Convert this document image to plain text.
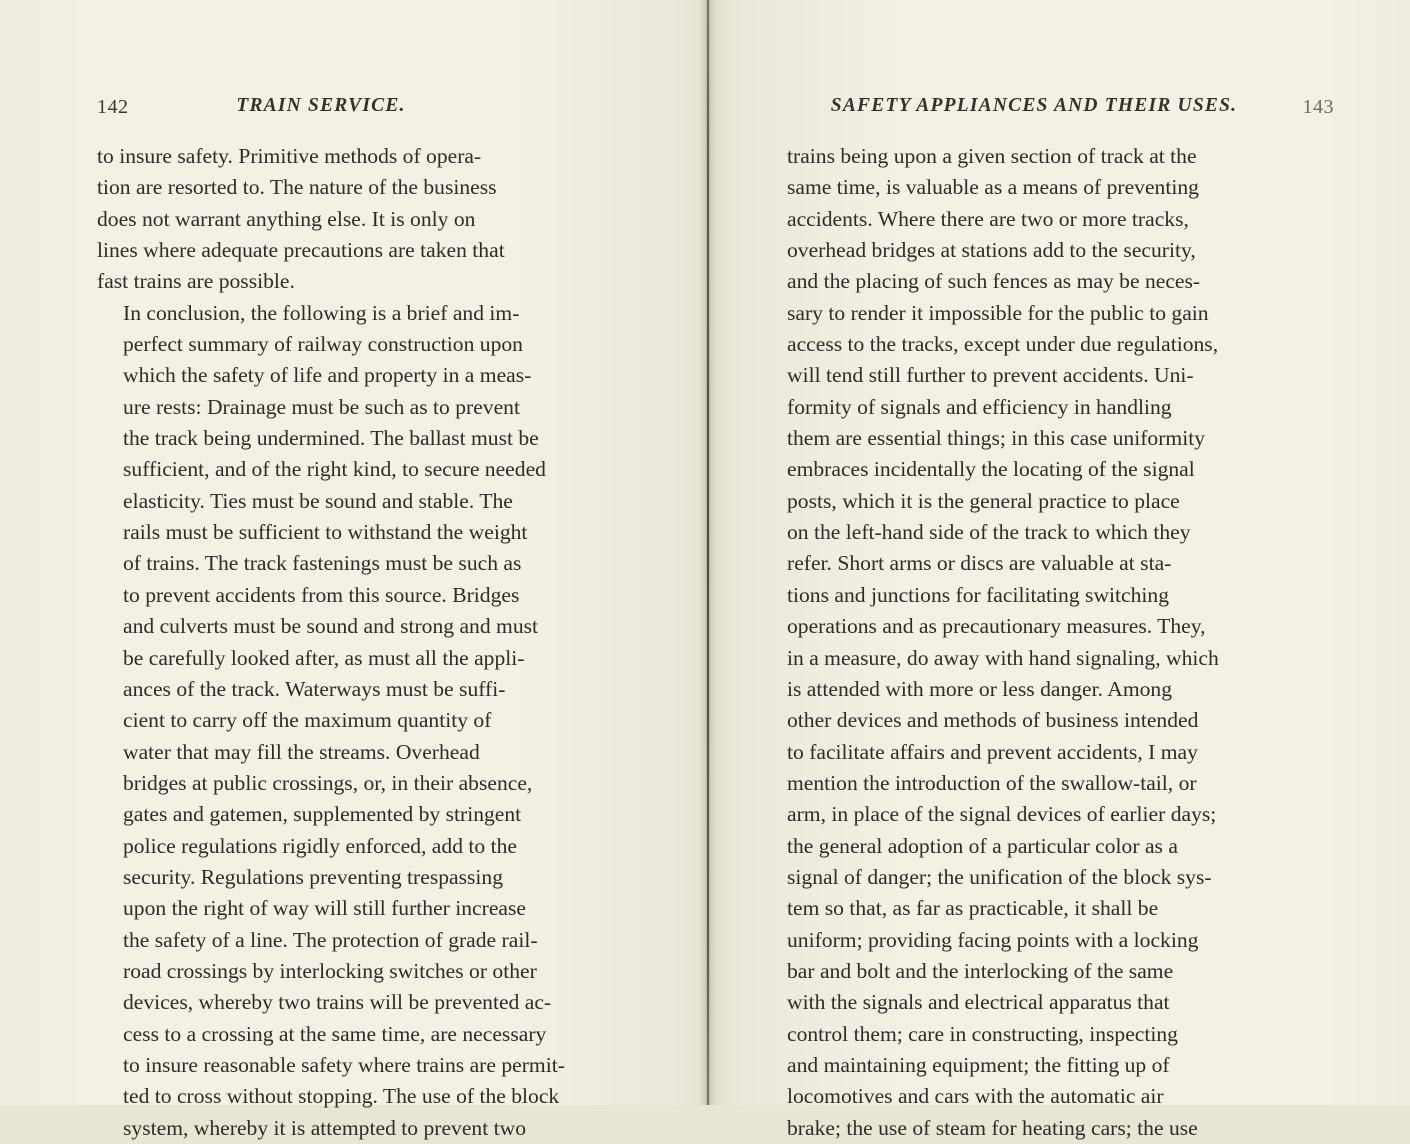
142	TRAIN SERVICE.

to insure safety. Primitive methods of opera-
tion are resorted to. The nature of the business
does not warrant anything else. It is only on
lines where adequate precautions are taken that
fast trains are possible.

In conclusion, the following is a brief and im-
perfect summary of railway construction upon
which the safety of life and property in a meas-
ure rests: Drainage must be such as to prevent
the track being undermined. The ballast must be
sufficient, and of the right kind, to secure needed
elasticity. Ties must be sound and stable. The
rails must be sufficient to withstand the weight
of trains. The track fastenings must be such as
to prevent accidents from this source. Bridges
and culverts must be sound and strong and must
be carefully looked after, as must all the appli-
ances of the track. Waterways must be suffi-
cient to carry off the maximum quantity of
water that may fill the streams. Overhead
bridges at public crossings, or, in their absence,
gates and gatemen, supplemented by stringent
police regulations rigidly enforced, add to the
security. Regulations preventing trespassing
upon the right of way will still further increase
the safety of a line. The protection of grade rail-
road crossings by interlocking switches or other
devices, whereby two trains will be prevented ac-
cess to a crossing at the same time, are necessary
to insure reasonable safety where trains are permit-
ted to cross without stopping. The use of the block
system, whereby it is attempted to prevent two

143
SAFETY APPLIANCES AND THEIR USES.

trains being upon a given section of track at the
same time, is valuable as a means of preventing
accidents. Where there are two or more tracks,
overhead bridges at stations add to the security,
and the placing of such fences as may be neces-
sary to render it impossible for the public to gain
access to the tracks, except under due regulations,
will tend still further to prevent accidents. Uni-
formity of signals and efficiency in handling
them are essential things; in this case uniformity
embraces incidentally the locating of the signal
posts, which it is the general practice to place
on the left-hand side of the track to which they
refer. Short arms or discs are valuable at sta-
tions and junctions for facilitating switching
operations and as precautionary measures. They,
in a measure, do away with hand signaling, which
is attended with more or less danger. Among
other devices and methods of business intended
to facilitate affairs and prevent accidents, I may
mention the introduction of the swallow-tail, or
arm, in place of the signal devices of earlier days;
the general adoption of a particular color as a
signal of danger; the unification of the block sys-
tem so that, as far as practicable, it shall be
uniform; providing facing points with a locking
bar and bolt and the interlocking of the same
with the signals and electrical apparatus that
control them; care in constructing, inspecting
and maintaining equipment; the fitting up of
locomotives and cars with the automatic air
brake; the use of steam for heating cars; the use
